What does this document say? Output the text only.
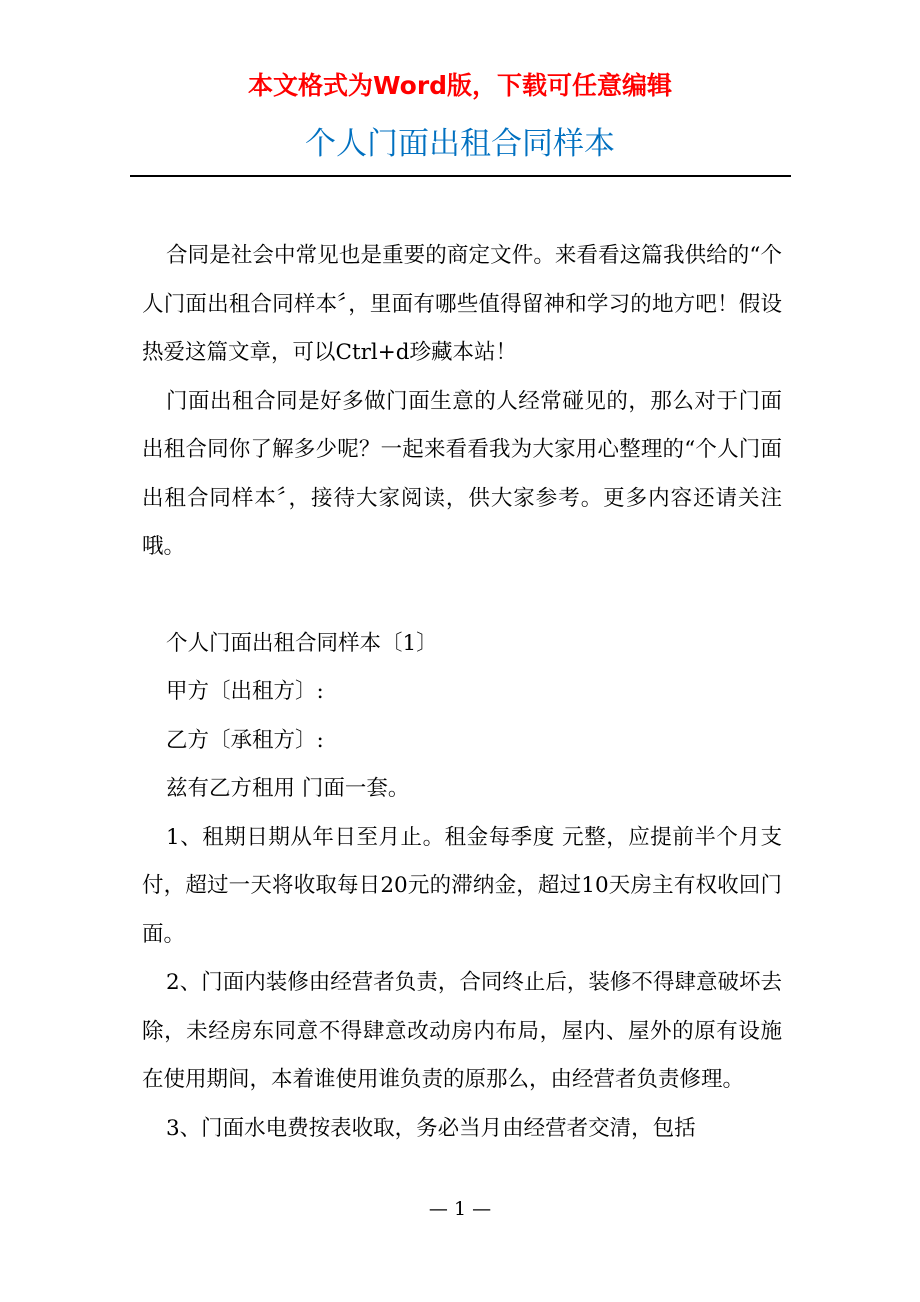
本文格式为Word版，下载可任意编辑
个人门面出租合同样本

合同是社会中常见也是重要的商定文件。来看看这篇我供给的“个人门面出租合同样本〞，里面有哪些值得留神和学习的地方吧！假设热爱这篇文章，可以Ctrl+d珍藏本站！

门面出租合同是好多做门面生意的人经常碰见的，那么对于门面出租合同你了解多少呢？一起来看看我为大家用心整理的“个人门面出租合同样本〞，接待大家阅读，供大家参考。更多内容还请关注哦。

个人门面出租合同样本〔1〕

甲方〔出租方〕:

乙方〔承租方〕:

兹有乙方租用 门面一套。

1、租期日期从年日至月止。租金每季度 元整，应提前半个月支付，超过一天将收取每日20元的滞纳金，超过10天房主有权收回门面。

2、门面内装修由经营者负责，合同终止后，装修不得肆意破坏去除，未经房东同意不得肆意改动房内布局，屋内、屋外的原有设施在使用期间，本着谁使用谁负责的原那么，由经营者负责修理。

3、门面水电费按表收取，务必当月由经营者交清，包括

— 1 —
